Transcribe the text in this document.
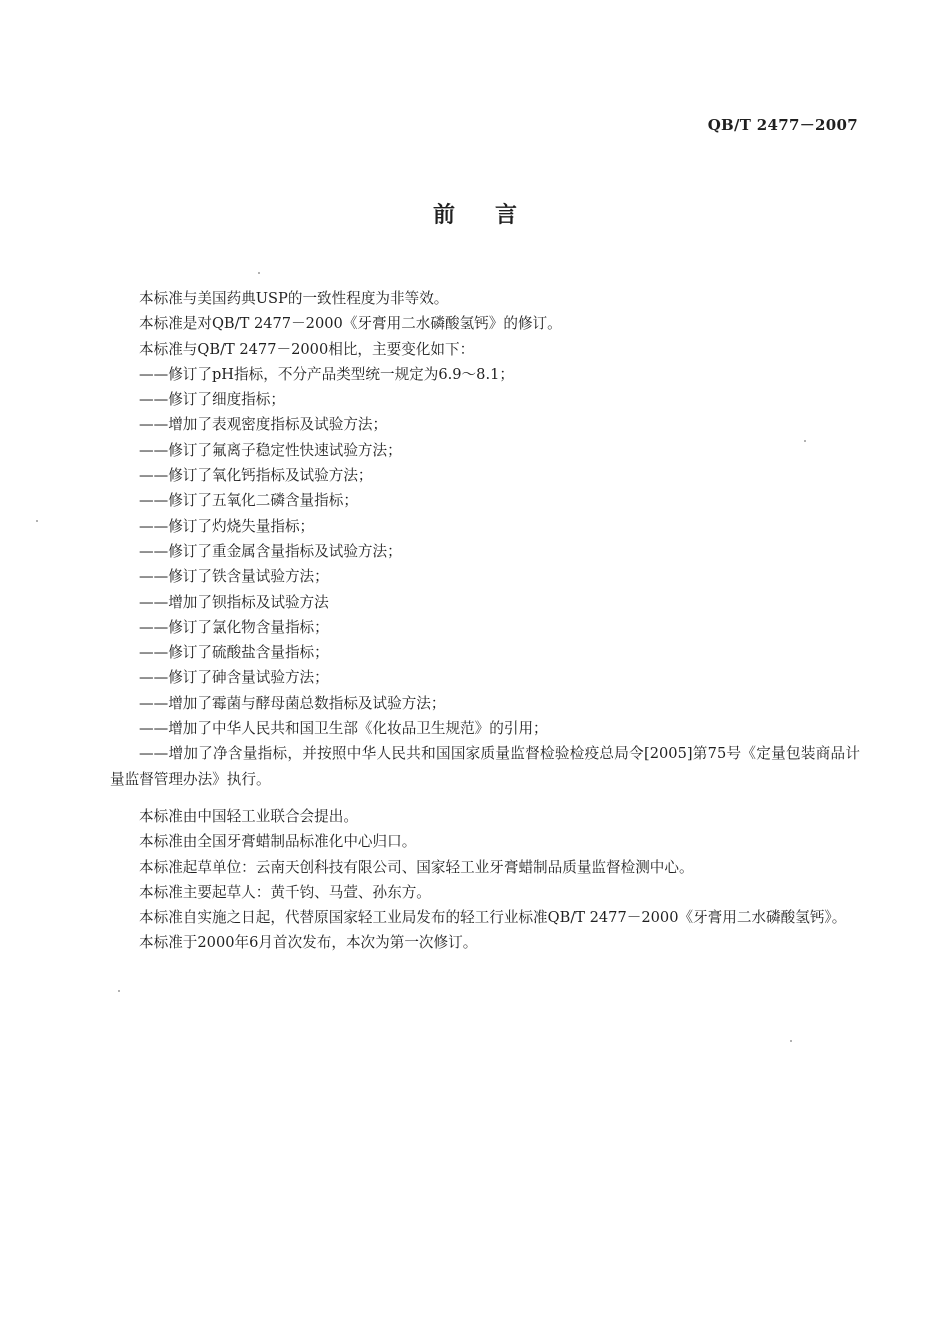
QB/T 2477－2007
前言

本标准与美国药典USP的一致性程度为非等效。

本标准是对QB/T 2477－2000《牙膏用二水磷酸氢钙》的修订。

本标准与QB/T 2477－2000相比，主要变化如下：

——修订了pH指标，不分产品类型统一规定为6.9～8.1；

——修订了细度指标；

——增加了表观密度指标及试验方法；

——修订了氟离子稳定性快速试验方法；

——修订了氧化钙指标及试验方法；

——修订了五氧化二磷含量指标；

——修订了灼烧失量指标；

——修订了重金属含量指标及试验方法；

——修订了铁含量试验方法；

——增加了钡指标及试验方法

——修订了氯化物含量指标；

——修订了硫酸盐含量指标；

——修订了砷含量试验方法；

——增加了霉菌与酵母菌总数指标及试验方法；

——增加了中华人民共和国卫生部《化妆品卫生规范》的引用；

——增加了净含量指标，并按照中华人民共和国国家质量监督检验检疫总局令[2005]第75号《定量包装商品计量监督管理办法》执行。

本标准由中国轻工业联合会提出。

本标准由全国牙膏蜡制品标准化中心归口。

本标准起草单位：云南天创科技有限公司、国家轻工业牙膏蜡制品质量监督检测中心。

本标准主要起草人：黄千钧、马萱、孙东方。

本标准自实施之日起，代替原国家轻工业局发布的轻工行业标准QB/T 2477－2000《牙膏用二水磷酸氢钙》。

本标准于2000年6月首次发布，本次为第一次修订。
